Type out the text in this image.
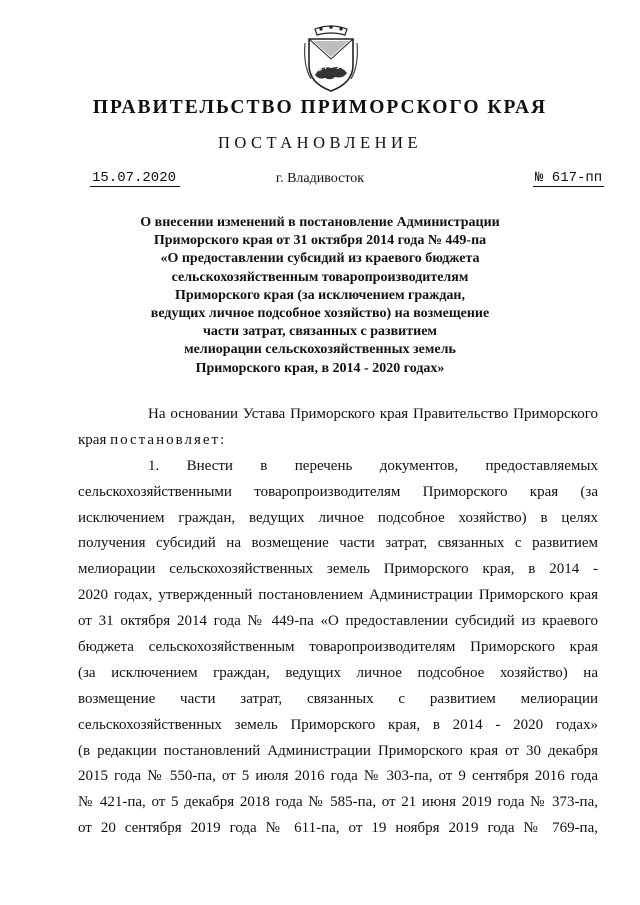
ПРАВИТЕЛЬСТВО ПРИМОРСКОГО КРАЯ
ПОСТАНОВЛЕНИЕ
15.07.2020	г. Владивосток	№ 617-пп
О внесении изменений в постановление Администрации
Приморского края от 31 октября 2014 года № 449-па
«О предоставлении субсидий из краевого бюджета
сельскохозяйственным товаропроизводителям
Приморского края (за исключением граждан,
ведущих личное подсобное хозяйство) на возмещение
части затрат, связанных с развитием
мелиорации сельскохозяйственных земель
Приморского края, в 2014 - 2020 годах»
На основании Устава Приморского края Правительство Приморского
края постановляет:
1.      Внести      в      перечень      документов,      предоставляемых
сельскохозяйственными товаропроизводителям Приморского края (за
исключением граждан, ведущих личное подсобное хозяйство) в целях
получения субсидий на возмещение части затрат, связанных с развитием
мелиорации сельскохозяйственных земель Приморского края, в 2014 -
2020 годах, утвержденный постановлением Администрации Приморского края
от 31 октября 2014 года № 449-па «О предоставлении субсидий из краевого
бюджета сельскохозяйственным товаропроизводителям Приморского края
(за исключением граждан, ведущих личное подсобное хозяйство) на
возмещение части затрат, связанных с развитием мелиорации
сельскохозяйственных земель Приморского края, в 2014 - 2020 годах»
(в редакции постановлений Администрации Приморского края от 30 декабря
2015 года № 550-па, от 5 июля 2016 года № 303-па, от 9 сентября 2016 года
№ 421-па, от 5 декабря 2018 года № 585-па, от 21 июня 2019 года № 373-па,
от 20 сентября 2019 года № 611-па, от 19 ноября 2019 года № 769-па,
